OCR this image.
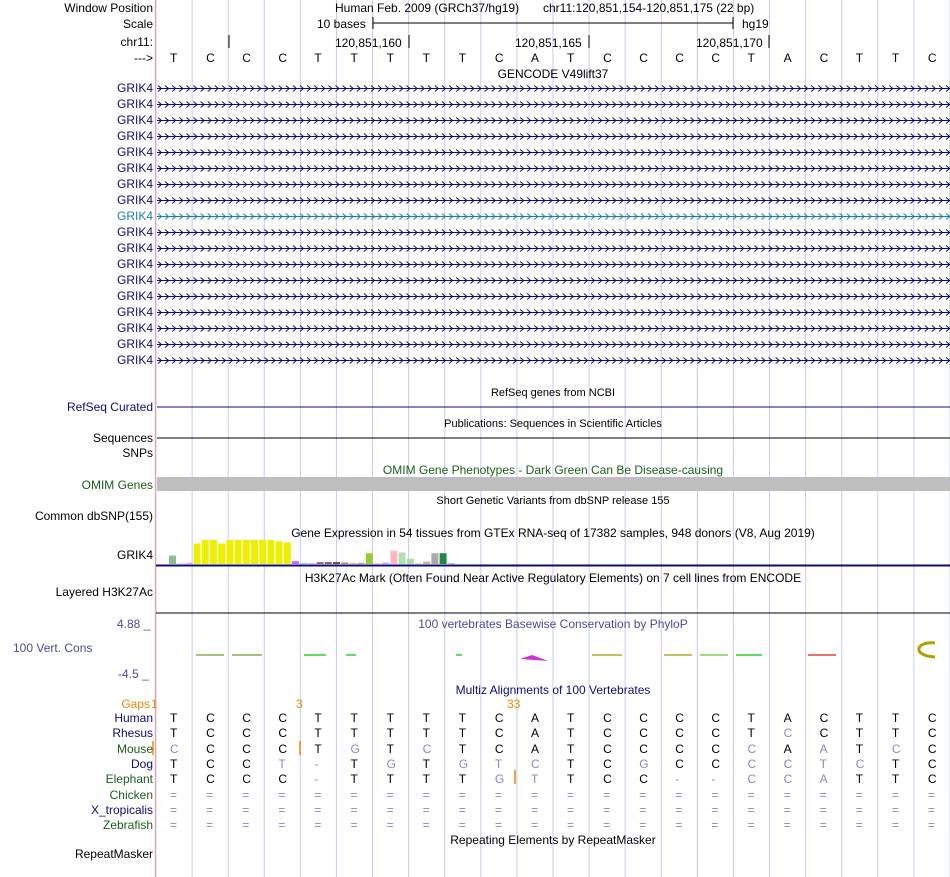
Window Position
Scale
chr11:
--->
Human Feb. 2009 (GRCh37/hg19) chr11:120,851,154-120,851,175 (22 bp)
10 bases	hg19
120,851,160	120,851,165	120,851,170
T C C C T T T T T C A T C C C C T A C T T C
GENCODE V49lift37
GRIK4
GRIK4
GRIK4
GRIK4
GRIK4
GRIK4
GRIK4
GRIK4
GRIK4
GRIK4
GRIK4
GRIK4
GRIK4
GRIK4
GRIK4
GRIK4
GRIK4
GRIK4
RefSeq genes from NCBI
RefSeq Curated
Publications: Sequences in Scientific Articles
Sequences
SNPs
OMIM Gene Phenotypes - Dark Green Can Be Disease-causing
OMIM Genes
Short Genetic Variants from dbSNP release 155
Common dbSNP(155)
Gene Expression in 54 tissues from GTEx RNA-seq of 17382 samples, 948 donors (V8, Aug 2019)
GRIK4
H3K27Ac Mark (Often Found Near Active Regulatory Elements) on 7 cell lines from ENCODE
Layered H3K27Ac
100 vertebrates Basewise Conservation by PhyloP
4.88 _
100 Vert. Cons
-4.5 _
Multiz Alignments of 100 Vertebrates
Gaps 1	3	33
Human T C C C T T T T T C A T C C C C T A C T T C
Rhesus T C C C T T T T T C A T C C C C T C C T T C
Mouse C C C C T G T C T C A T C C C C C A A T C C
Dog T C C T -	T G T G T C T C G C C C C T C T C
Elephant T C C C -	T T T T G T T C C -	-	C C A T T C
Chicken = = = = = = = = = = = = = = = = = = = = = =
X_tropicalis = = = = = = = = = = = = = = = = = = = = = =
Zebrafish = = = = = = = = = = = = = = = = = = = = = =
Repeating Elements by RepeatMasker
RepeatMasker
